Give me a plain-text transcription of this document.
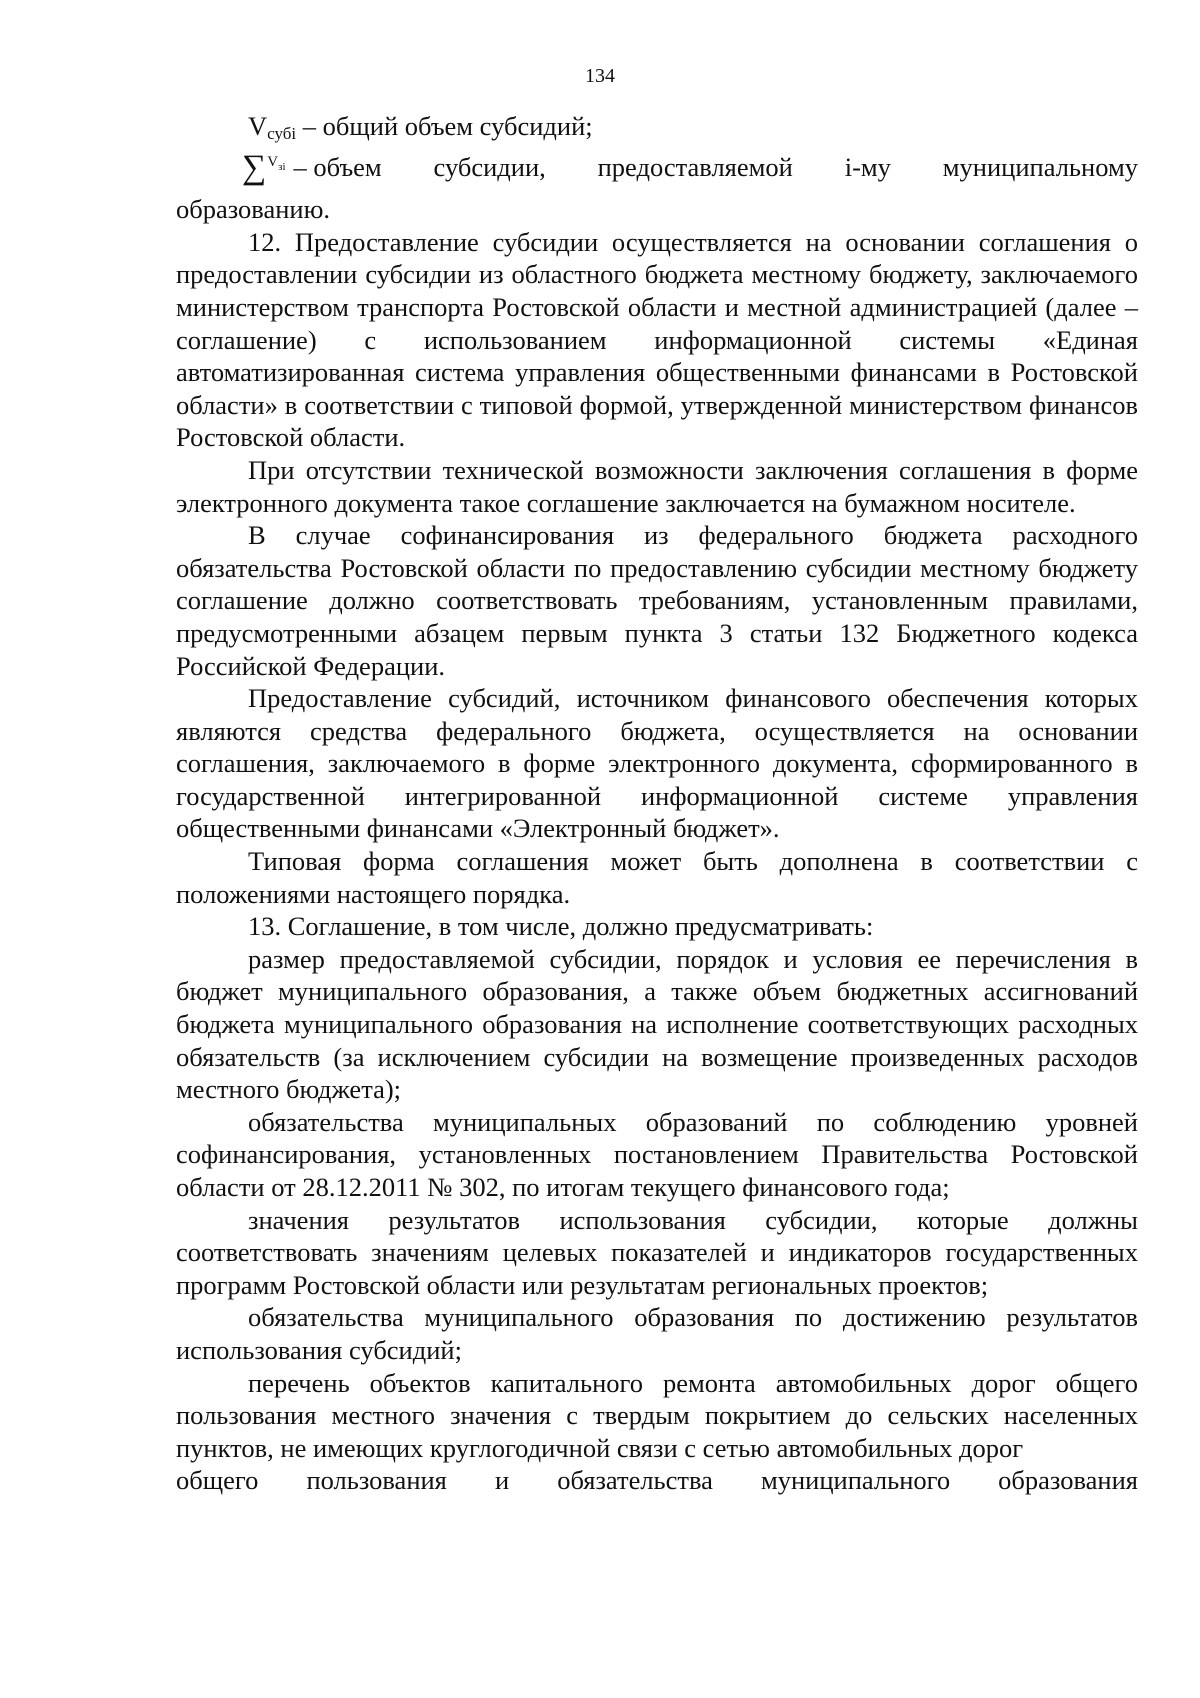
134
$V_{субі}$ – общий объем субсидий;
∑ $V_{зі}$ – объем субсидии, предоставляемой і-му муниципальному

образованию.

12. Предоставление субсидии осуществляется на основании соглашения о предоставлении субсидии из областного бюджета местному бюджету, заключаемого министерством транспорта Ростовской области и местной администрацией (далее – соглашение) с использованием информационной системы «Единая автоматизированная система управления общественными финансами в Ростовской области» в соответствии с типовой формой, утвержденной министерством финансов Ростовской области.

При отсутствии технической возможности заключения соглашения в форме электронного документа такое соглашение заключается на бумажном носителе.

В случае софинансирования из федерального бюджета расходного обязательства Ростовской области по предоставлению субсидии местному бюджету соглашение должно соответствовать требованиям, установленным правилами, предусмотренными абзацем первым пункта 3 статьи 132 Бюджетного кодекса Российской Федерации.

Предоставление субсидий, источником финансового обеспечения которых являются средства федерального бюджета, осуществляется на основании соглашения, заключаемого в форме электронного документа, сформированного в государственной интегрированной информационной системе управления общественными финансами «Электронный бюджет».

Типовая форма соглашения может быть дополнена в соответствии с положениями настоящего порядка.

13. Соглашение, в том числе, должно предусматривать:

размер предоставляемой субсидии, порядок и условия ее перечисления в бюджет муниципального образования, а также объем бюджетных ассигнований бюджета муниципального образования на исполнение соответствующих расходных обязательств (за исключением субсидии на возмещение произведенных расходов местного бюджета);

обязательства муниципальных образований по соблюдению уровней софинансирования, установленных постановлением Правительства Ростовской области от 28.12.2011 № 302, по итогам текущего финансового года;

значения результатов использования субсидии, которые должны соответствовать значениям целевых показателей и индикаторов государственных программ Ростовской области или результатам региональных проектов;

обязательства муниципального образования по достижению результатов использования субсидий;

перечень объектов капитального ремонта автомобильных дорог общего пользования местного значения с твердым покрытием до сельских населенных пунктов, не имеющих круглогодичной связи с сетью автомобильных дорог

общего пользования и обязательства муниципального образования
